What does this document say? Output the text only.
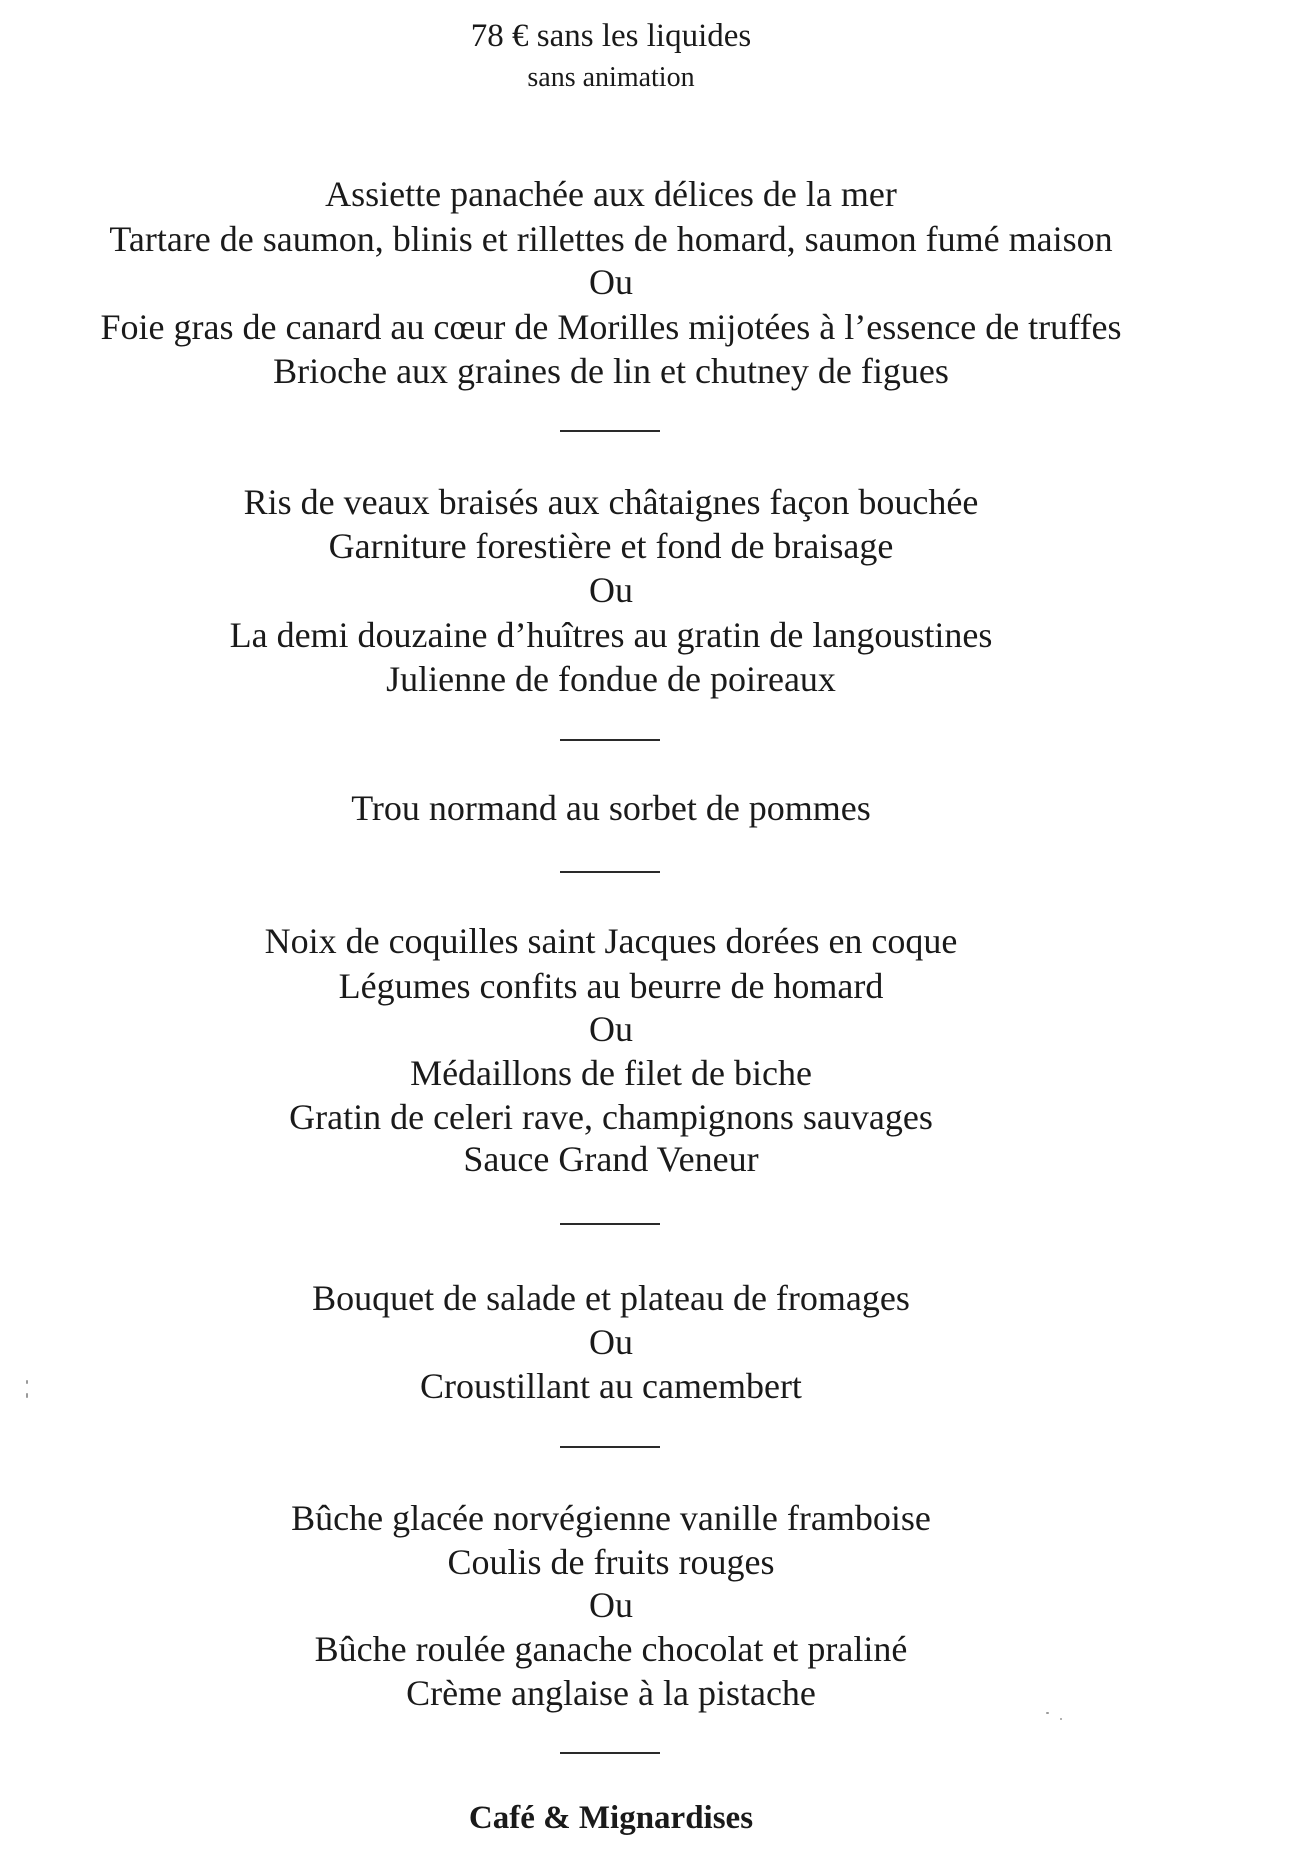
78 € sans les liquides
sans animation
Assiette panachée aux délices de la mer
Tartare de saumon, blinis et rillettes de homard, saumon fumé maison
Ou
Foie gras de canard au cœur de Morilles mijotées à l’essence de truffes
Brioche aux graines de lin et chutney de figues
Ris de veaux braisés aux châtaignes façon bouchée
Garniture forestière et fond de braisage
Ou
La demi douzaine d’huîtres au gratin de langoustines
Julienne de fondue de poireaux
Trou normand au sorbet de pommes
Noix de coquilles saint Jacques dorées en coque
Légumes confits au beurre de homard
Ou
Médaillons de filet de biche
Gratin de celeri rave, champignons sauvages
Sauce Grand Veneur
Bouquet de salade et plateau de fromages
Ou
Croustillant au camembert
Bûche glacée norvégienne vanille framboise
Coulis de fruits rouges
Ou
Bûche roulée ganache chocolat et praliné
Crème anglaise à la pistache
Café & Mignardises
